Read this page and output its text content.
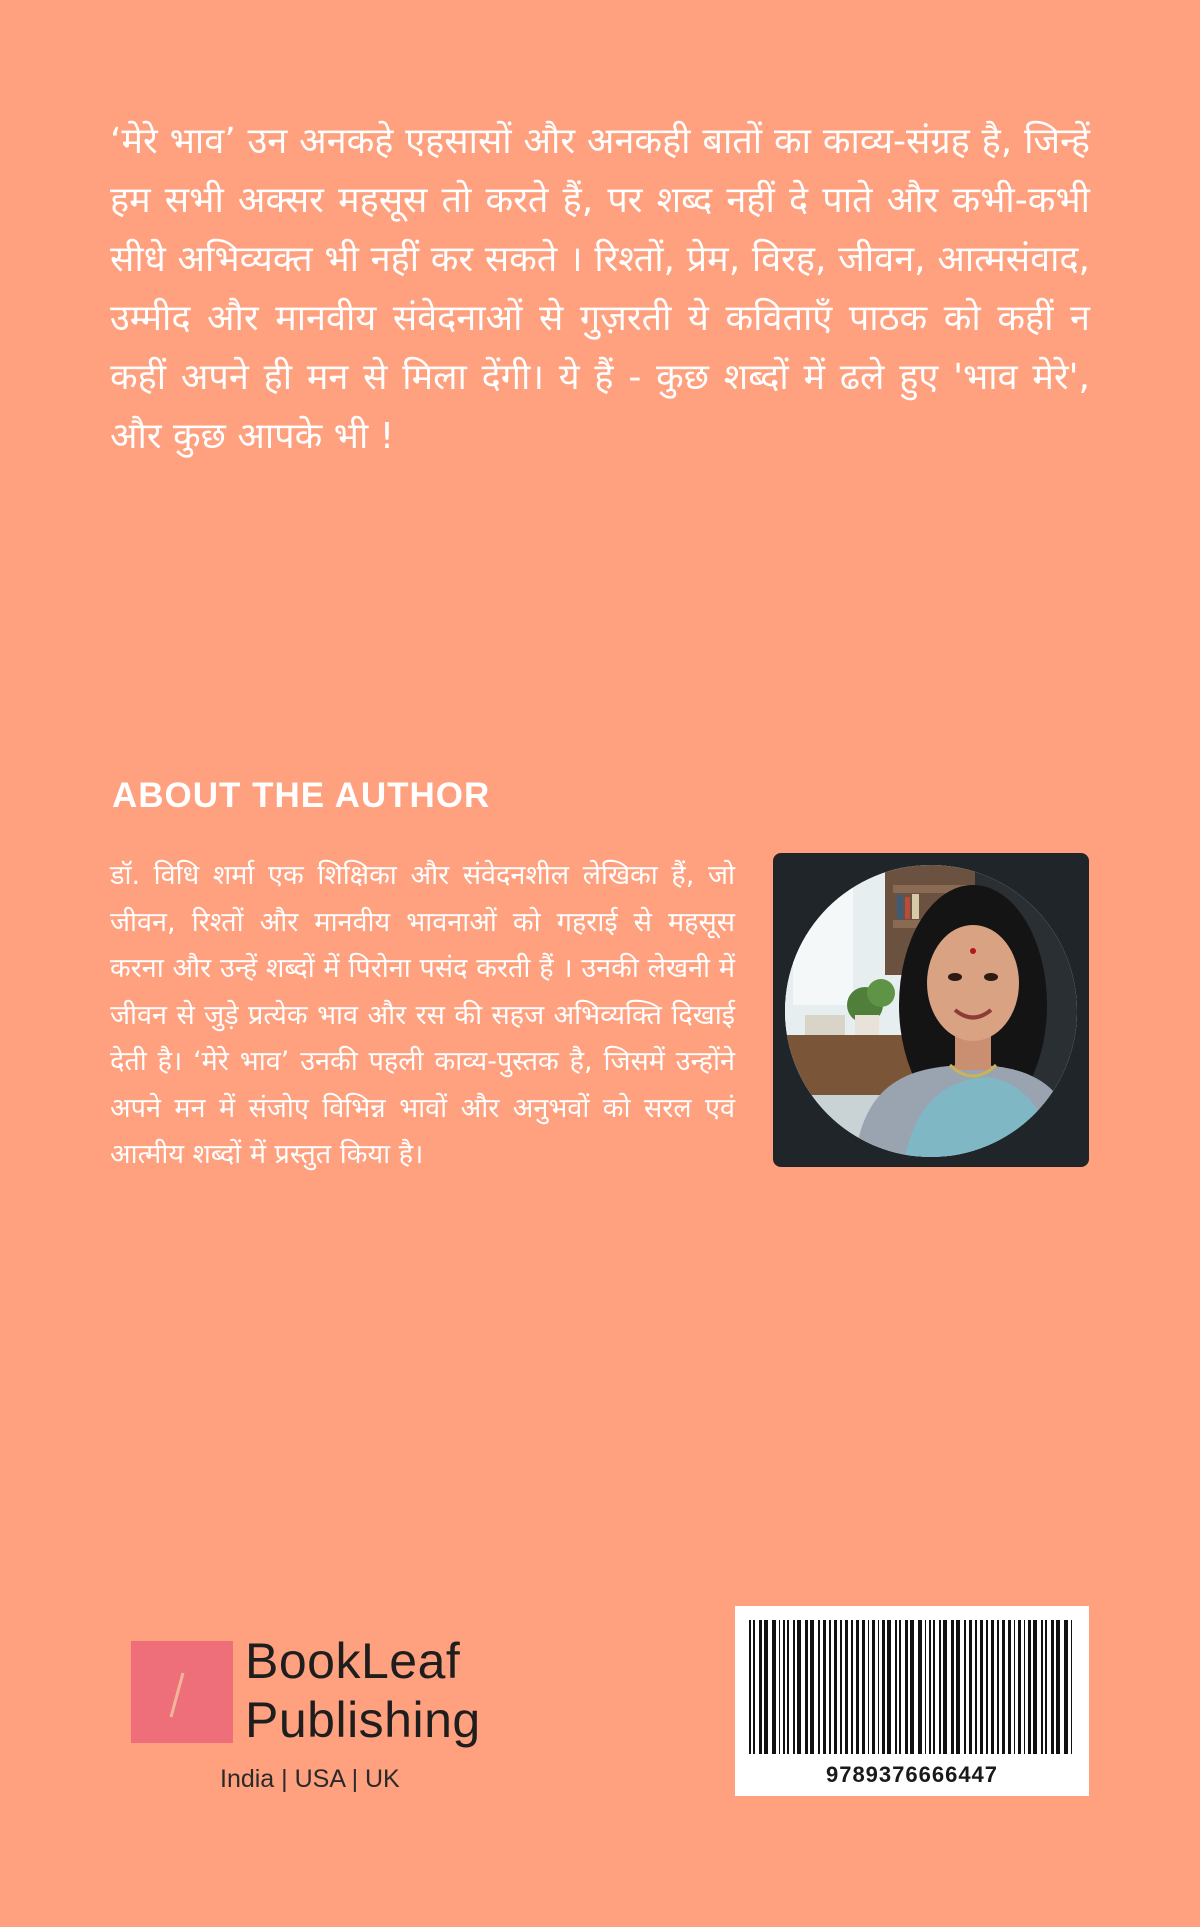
‘मेरे भाव’ उन अनकहे एहसासों और अनकही बातों का काव्य-संग्रह है, जिन्हें हम सभी अक्सर महसूस तो करते हैं, पर शब्द नहीं दे पाते और कभी-कभी सीधे अभिव्यक्त भी नहीं कर सकते । रिश्तों, प्रेम, विरह, जीवन, आत्मसंवाद, उम्मीद और मानवीय संवेदनाओं से गुज़रती ये कविताएँ पाठक को कहीं न कहीं अपने ही मन से मिला देंगी। ये हैं - कुछ शब्दों में ढले हुए 'भाव मेरे', और कुछ आपके भी !

ABOUT THE AUTHOR

डॉ. विधि शर्मा एक शिक्षिका और संवेदनशील लेखिका हैं, जो जीवन, रिश्तों और मानवीय भावनाओं को गहराई से महसूस करना और उन्हें शब्दों में पिरोना पसंद करती हैं । उनकी लेखनी में जीवन से जुड़े प्रत्येक भाव और रस की सहज अभिव्यक्ति दिखाई देती है। ‘मेरे भाव’ उनकी पहली काव्य-पुस्तक है, जिसमें उन्होंने अपने मन में संजोए विभिन्न भावों और अनुभवों को सरल एवं आत्मीय शब्दों में प्रस्तुत किया है।

BookLeaf

Publishing

India | USA | UK	9789376666447
